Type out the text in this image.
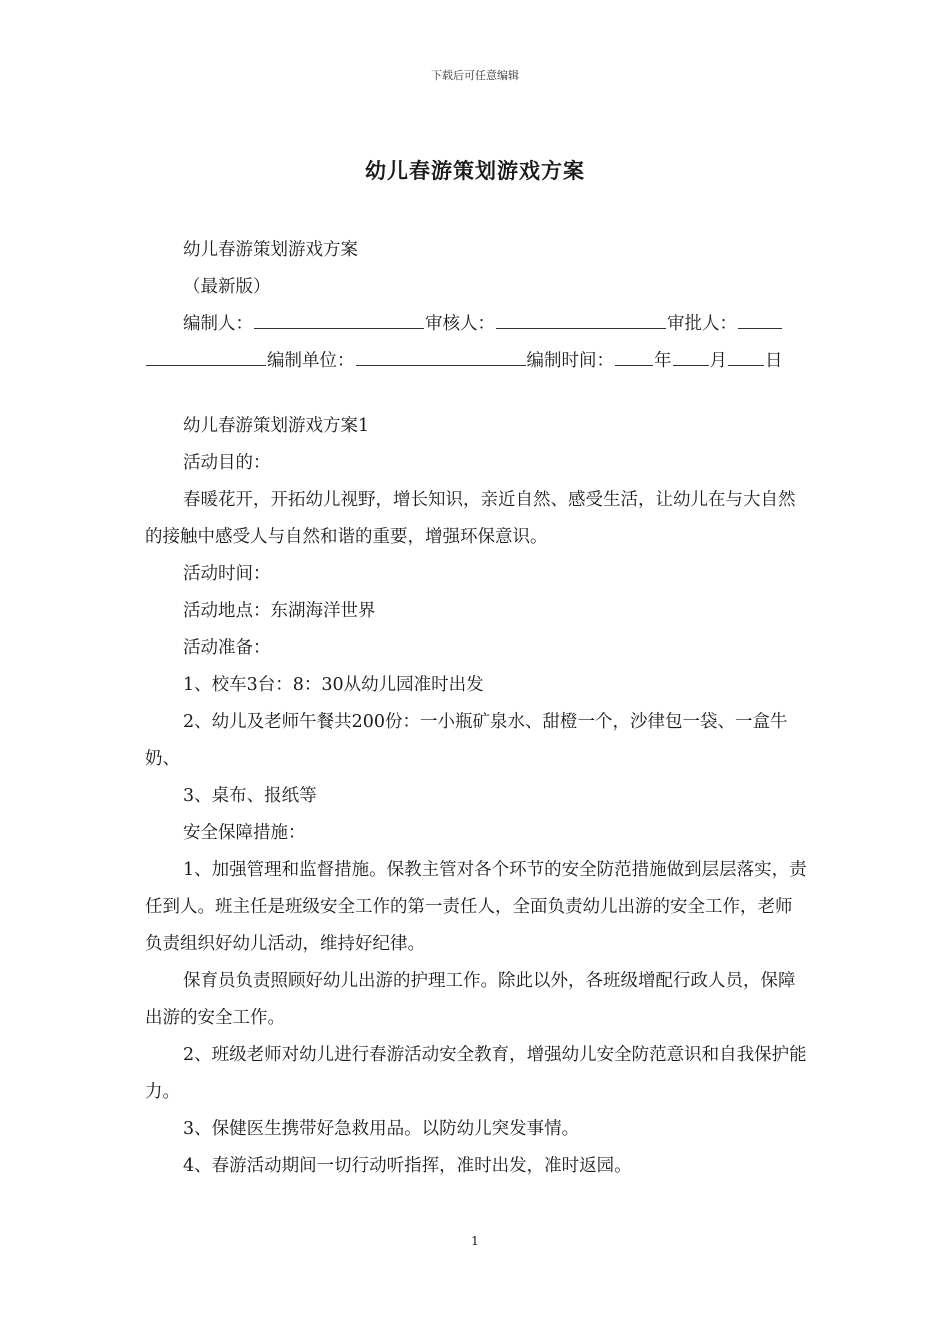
下载后可任意编辑
幼儿春游策划游戏方案

幼儿春游策划游戏方案

（最新版）

编制人：	审核人：	审批人：

编制单位：	编制时间： 年 月 日

幼儿春游策划游戏方案1

活动目的：

春暖花开，开拓幼儿视野，增长知识，亲近自然、感受生活，让幼儿在与大自然的接触中感受人与自然和谐的重要，增强环保意识。

活动时间：

活动地点：东湖海洋世界

活动准备：

1、校车3台：8：30从幼儿园准时出发

2、幼儿及老师午餐共200份：一小瓶矿泉水、甜橙一个，沙律包一袋、一盒牛奶、

3、桌布、报纸等

安全保障措施：

1、加强管理和监督措施。保教主管对各个环节的安全防范措施做到层层落实，责任到人。班主任是班级安全工作的第一责任人，全面负责幼儿出游的安全工作，老师负责组织好幼儿活动，维持好纪律。

保育员负责照顾好幼儿出游的护理工作。除此以外，各班级增配行政人员，保障出游的安全工作。

2、班级老师对幼儿进行春游活动安全教育，增强幼儿安全防范意识和自我保护能力。

3、保健医生携带好急救用品。以防幼儿突发事情。

4、春游活动期间一切行动听指挥，准时出发，准时返园。

1
